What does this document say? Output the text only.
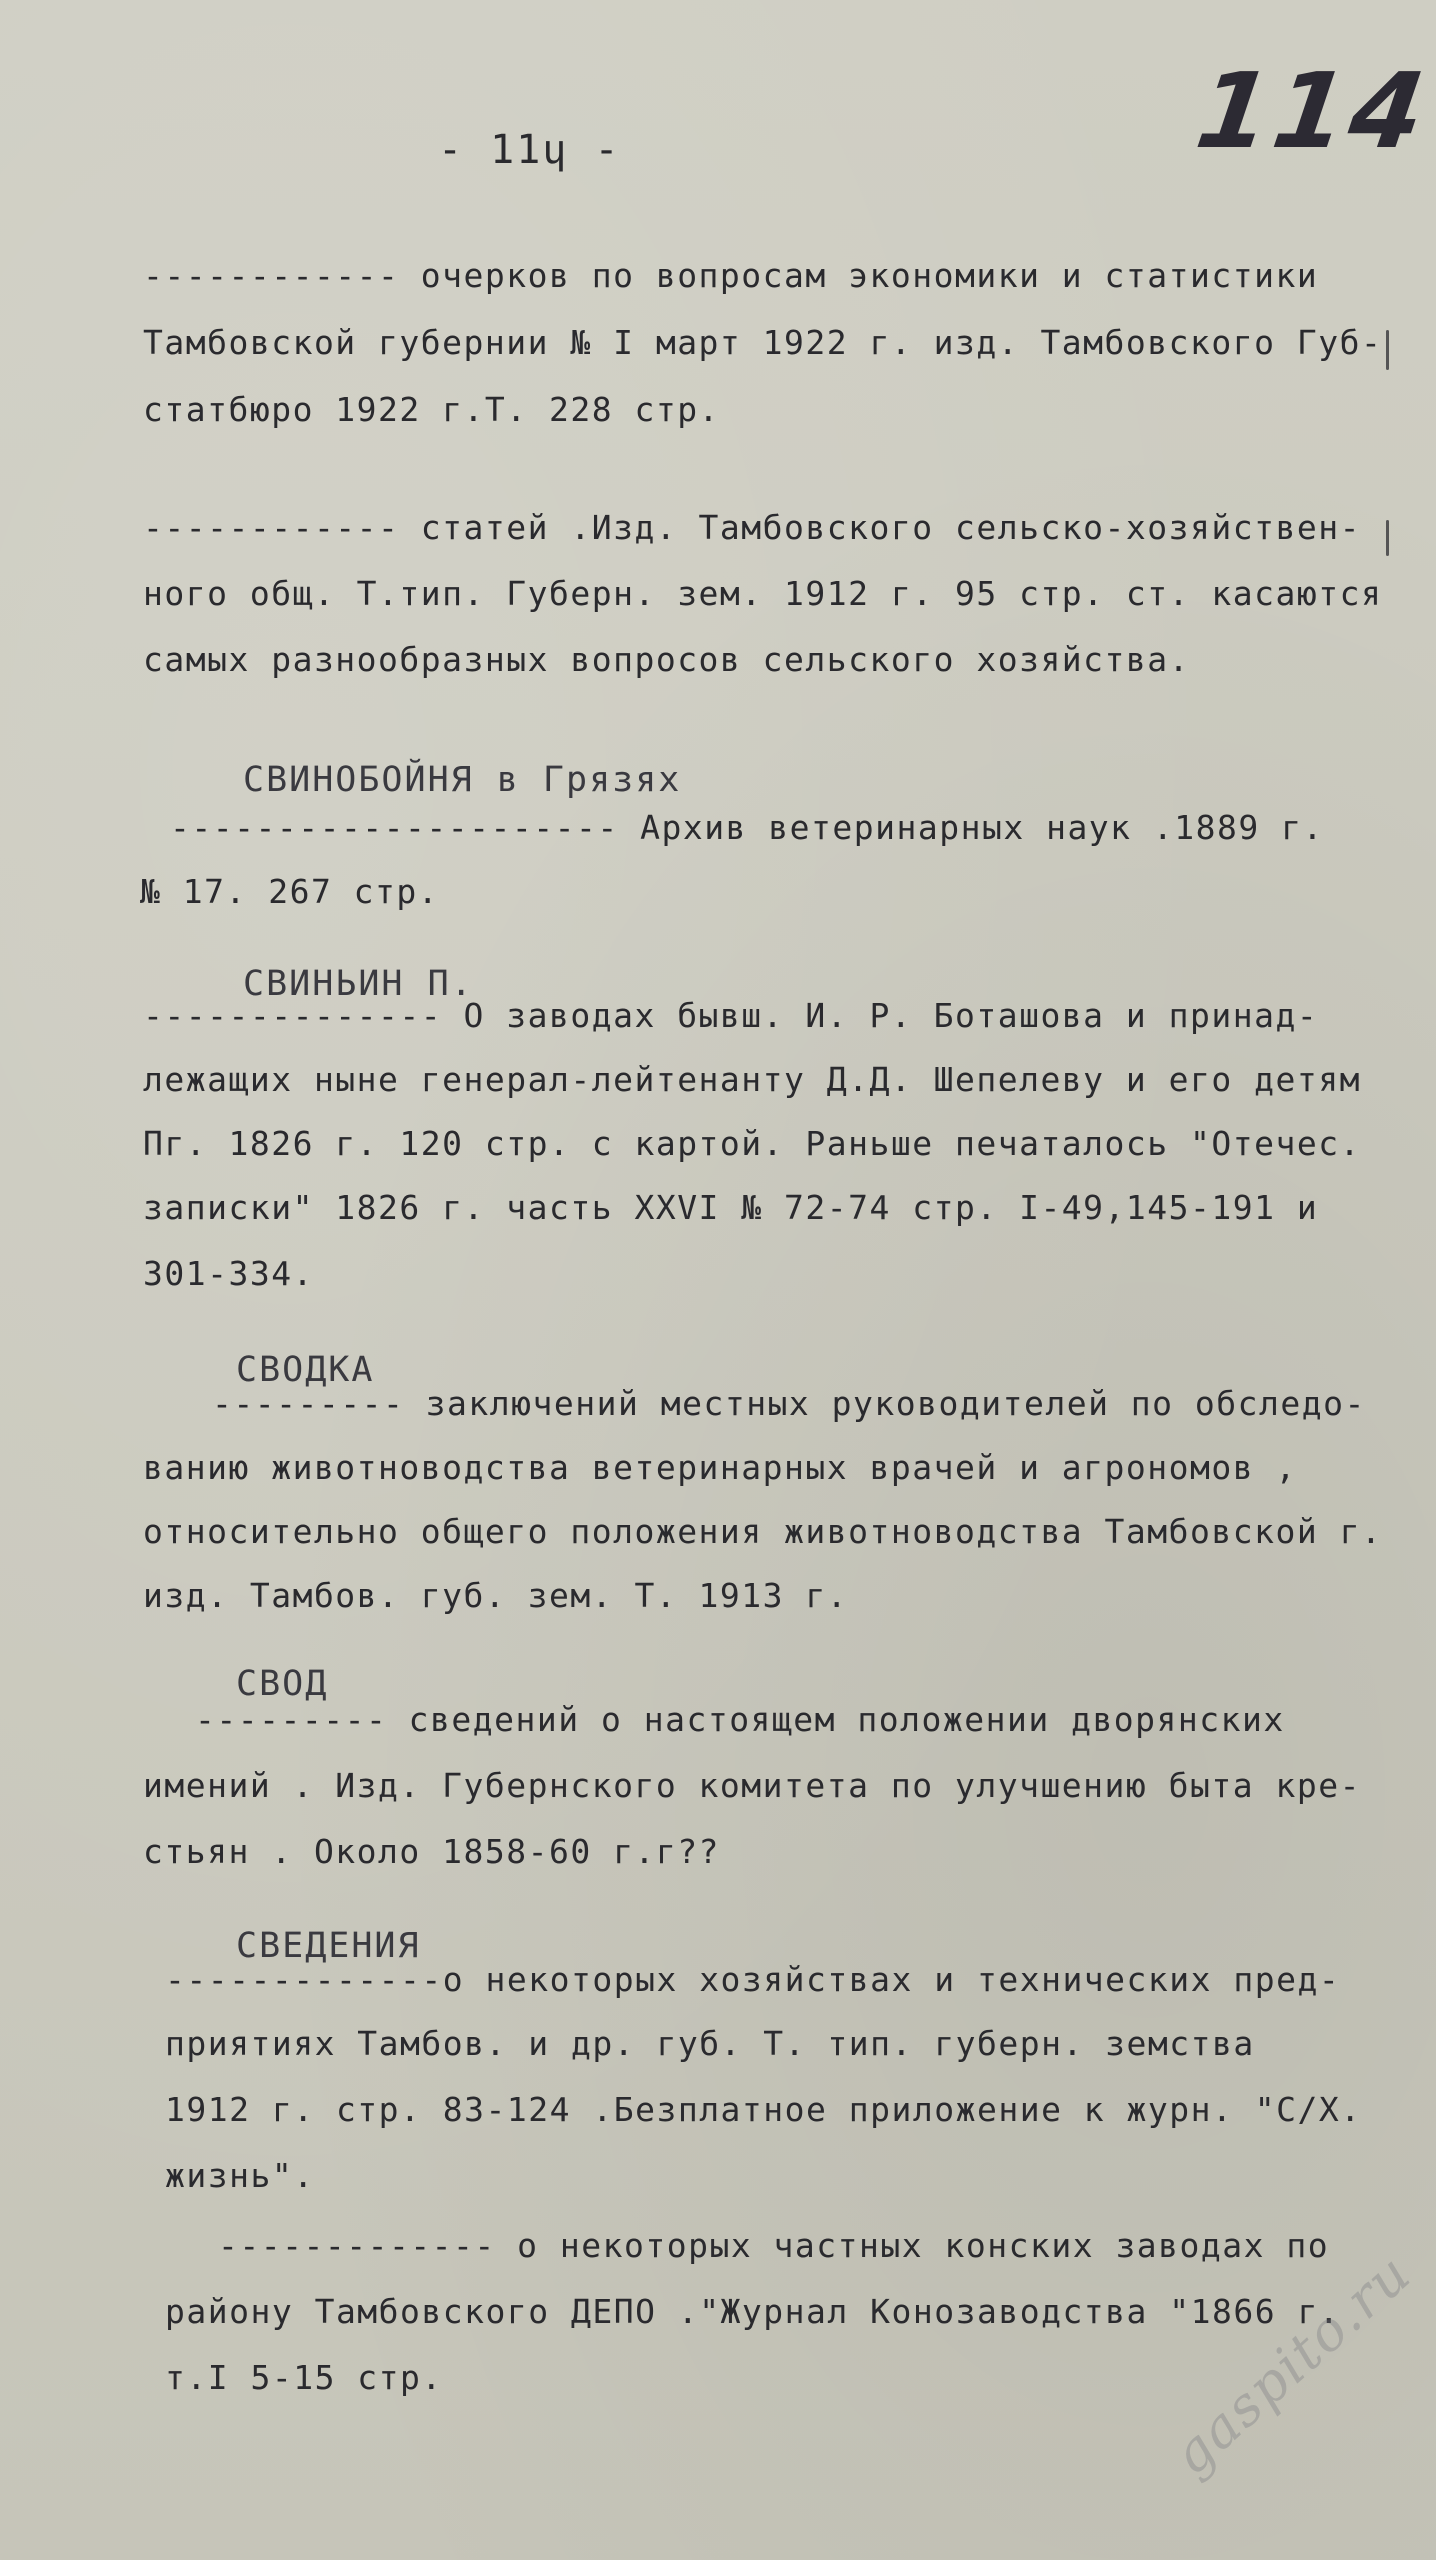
114
- 11ɥ -
------------ очерков по вопросам экономики и статистики
Тамбовской губернии № I март 1922 г. изд. Тамбовского Губ-
статбюро 1922 г.Т. 228 стр.
------------ статей .Изд. Тамбовского сельско-хозяйствен-
ного общ. Т.тип. Губерн. зем. 1912 г. 95 стр. ст. касаются
самых разнообразных вопросов сельского хозяйства.
СВИНОБОЙНЯ в Грязях
--------------------- Архив ветеринарных наук .1889 г.
№ 17. 267 стр.
СВИНЬИН П.
-------------- О заводах бывш. И. Р. Боташова и принад-
лежащих ныне генерал-лейтенанту Д.Д. Шепелеву и его детям
Пг. 1826 г. 120 стр. с картой. Раньше печаталось "Отечес.
записки" 1826 г. часть XXVI № 72-74 стр. I-49,145-191 и
301-334.
СВОДКА
--------- заключений местных руководителей по обследо-
ванию животноводства ветеринарных врачей и агрономов ,
относительно общего положения животноводства Тамбовской г.
изд. Тамбов. губ. зем. Т. 1913 г.
СВОД
--------- сведений о настоящем положении дворянских
имений . Изд. Губернского комитета по улучшению быта кре-
стьян . Около 1858-60 г.г??
СВЕДЕНИЯ
-------------о некоторых хозяйствах и технических пред-
приятиях Тамбов. и др. губ. Т. тип. губерн. земства
1912 г. стр. 83-124 .Безплатное приложение к журн. "С/Х.
жизнь".
------------- о некоторых частных конских заводах по
району Тамбовского ДЕПО ."Журнал Конозаводства "1866 г.
т.I 5-15 стр.	gaspito.ru
